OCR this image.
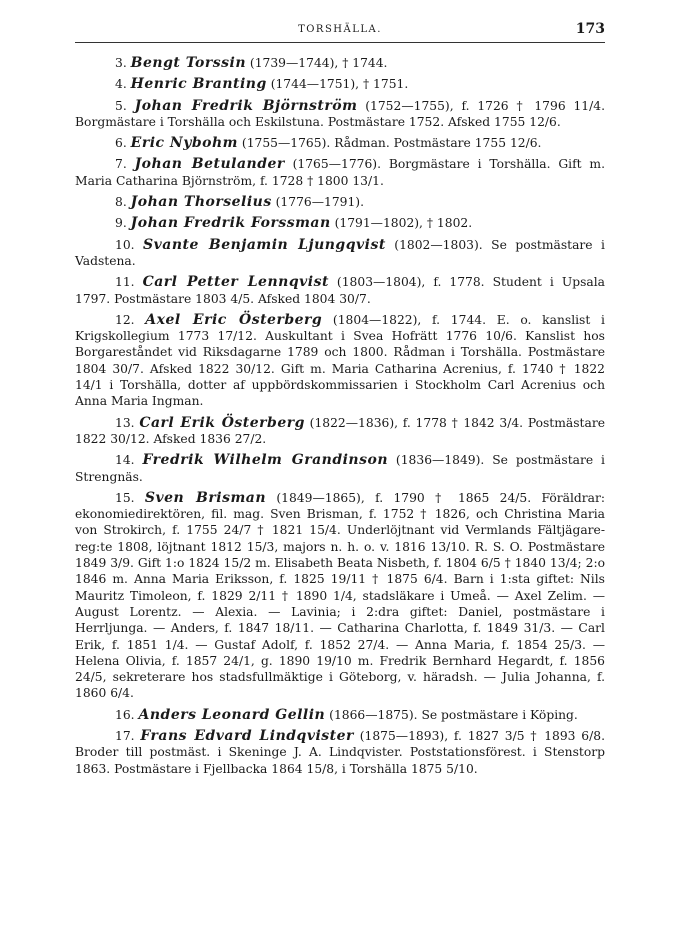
TORSHÄLLA.	173
3. Bengt Torssin (1739—1744), † 1744.
4. Henric Branting (1744—1751), † 1751.
5. Johan Fredrik Björnström (1752—1755), f. 1726 † 1796 11/4. Borgmästare i Torshälla och Eskilstuna. Postmästare 1752. Afsked 1755 12/6.
6. Eric Nybohm (1755—1765). Rådman. Postmästare 1755 12/6.
7. Johan Betulander (1765—1776). Borgmästare i Torshälla. Gift m. Maria Catharina Björnström, f. 1728 † 1800 13/1.
8. Johan Thorselius (1776—1791).
9. Johan Fredrik Forssman (1791—1802), † 1802.
10. Svante Benjamin Ljungqvist (1802—1803). Se postmästare i Vadstena.
11. Carl Petter Lennqvist (1803—1804), f. 1778. Student i Upsala 1797. Postmästare 1803 4/5. Afsked 1804 30/7.
12. Axel Eric Österberg (1804—1822), f. 1744. E. o. kanslist i Krigskollegium 1773 17/12. Auskultant i Svea Hofrätt 1776 10/6. Kanslist hos Borgareståndet vid Riksdagarne 1789 och 1800. Rådman i Torshälla. Postmästare 1804 30/7. Afsked 1822 30/12. Gift m. Maria Catharina Acrenius, f. 1740 † 1822 14/1 i Torshälla, dotter af uppbördskommissarien i Stockholm Carl Acrenius och Anna Maria Ingman.
13. Carl Erik Österberg (1822—1836), f. 1778 † 1842 3/4. Postmästare 1822 30/12. Afsked 1836 27/2.
14. Fredrik Wilhelm Grandinson (1836—1849). Se postmästare i Strengnäs.
15. Sven Brisman (1849—1865), f. 1790 † 1865 24/5. Föräldrar: ekonomiedirektören, fil. mag. Sven Brisman, f. 1752 † 1826, och Christina Maria von Strokirch, f. 1755 24/7 † 1821 15/4. Underlöjtnant vid Vermlands Fältjägare-reg:te 1808, löjtnant 1812 15/3, majors n. h. o. v. 1816 13/10. R. S. O. Postmästare 1849 3/9. Gift 1:o 1824 15/2 m. Elisabeth Beata Nisbeth, f. 1804 6/5 † 1840 13/4; 2:o 1846 m. Anna Maria Eriksson, f. 1825 19/11 † 1875 6/4. Barn i 1:sta giftet: Nils Mauritz Timoleon, f. 1829 2/11 † 1890 1/4, stadsläkare i Umeå. — Axel Zelim. — August Lorentz. — Alexia. — Lavinia; i 2:dra giftet: Daniel, postmästare i Herrljunga. — Anders, f. 1847 18/11. — Catharina Charlotta, f. 1849 31/3. — Carl Erik, f. 1851 1/4. — Gustaf Adolf, f. 1852 27/4. — Anna Maria, f. 1854 25/3. — Helena Olivia, f. 1857 24/1, g. 1890 19/10 m. Fredrik Bernhard Hegardt, f. 1856 24/5, sekreterare hos stadsfullmäktige i Göteborg, v. häradsh. — Julia Johanna, f. 1860 6/4.
16. Anders Leonard Gellin (1866—1875). Se postmästare i Köping.
17. Frans Edvard Lindqvister (1875—1893), f. 1827 3/5 † 1893 6/8. Broder till postmäst. i Skeninge J. A. Lindqvister. Poststationsförest. i Stenstorp 1863. Postmästare i Fjellbacka 1864 15/8, i Torshälla 1875 5/10.
